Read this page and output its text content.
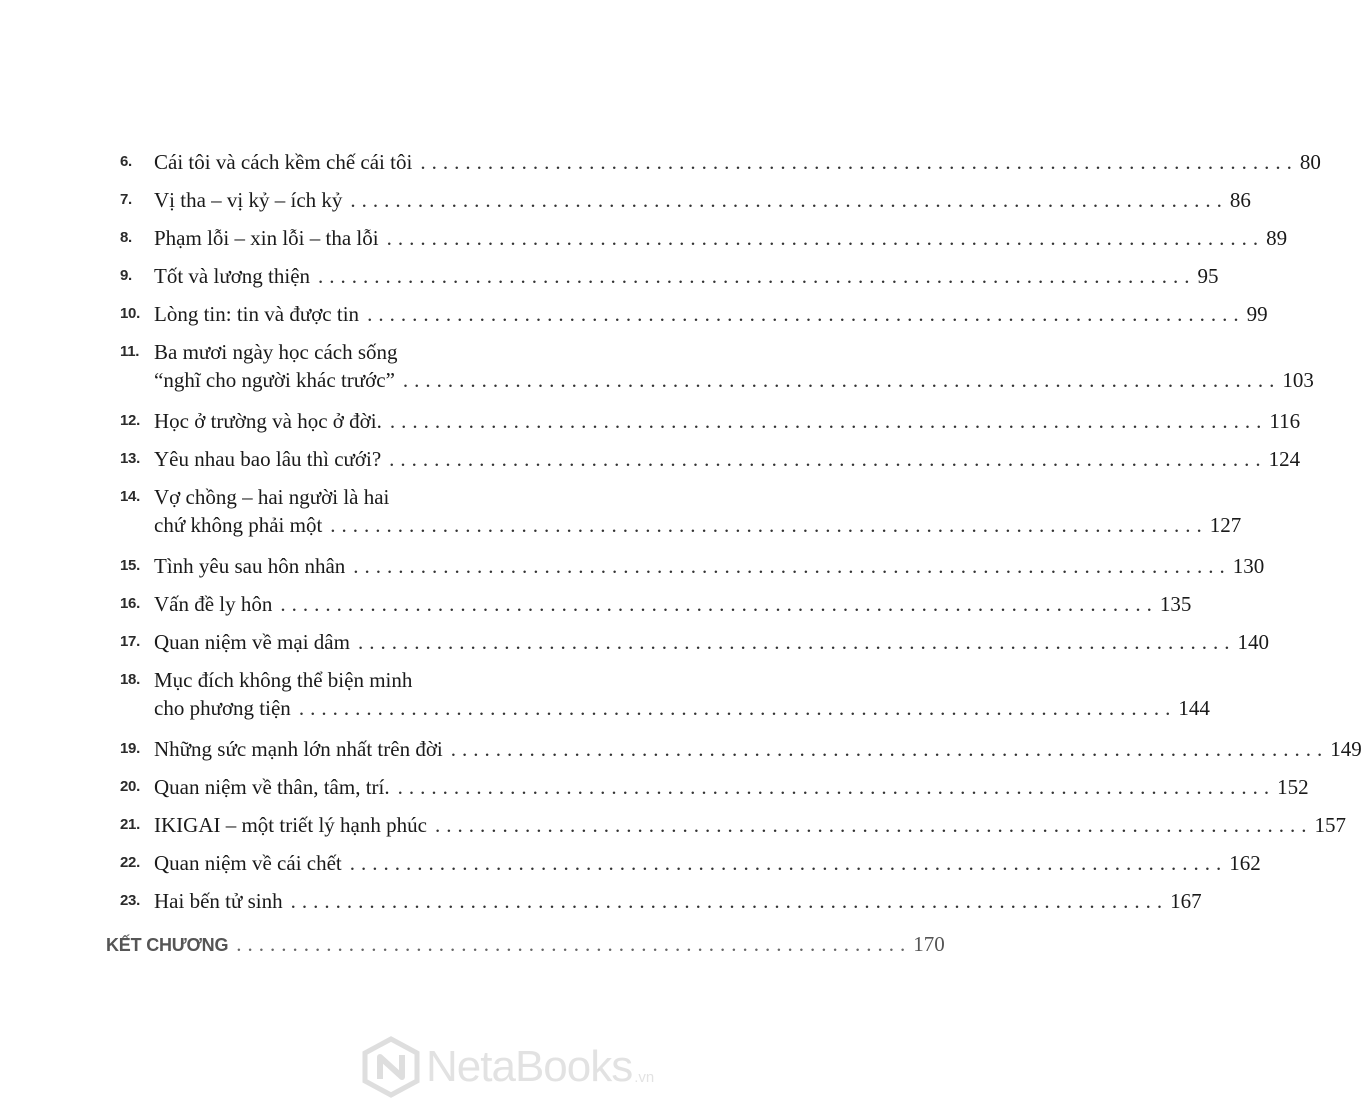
6.	Cái tôi và cách kềm chế cái tôi .............................................................................. 80
7.	Vị tha – vị kỷ – ích kỷ .............................................................................. 86
8.	Phạm lỗi – xin lỗi – tha lỗi .............................................................................. 89
9.	Tốt và lương thiện .............................................................................. 95
10. Lòng tin: tin và được tin .............................................................................. 99
11. Ba mươi ngày học cách sống
“nghĩ cho người khác trước” .............................................................................. 103
12. Học ở trường và học ở đời. .............................................................................. 116
13. Yêu nhau bao lâu thì cưới? .............................................................................. 124
14. Vợ chồng – hai người là hai
chứ không phải một .............................................................................. 127
15. Tình yêu sau hôn nhân .............................................................................. 130
16. Vấn đề ly hôn .............................................................................. 135
17. Quan niệm về mại dâm .............................................................................. 140
18. Mục đích không thể biện minh
cho phương tiện .............................................................................. 144
19. Những sức mạnh lớn nhất trên đời .............................................................................. 149
20. Quan niệm về thân, tâm, trí. .............................................................................. 152
21. IKIGAI – một triết lý hạnh phúc .............................................................................. 157
22. Quan niệm về cái chết .............................................................................. 162
23. Hai bến tử sinh .............................................................................. 167
KẾT CHƯƠNG ............................................................ 170
NetaBooks .vn
